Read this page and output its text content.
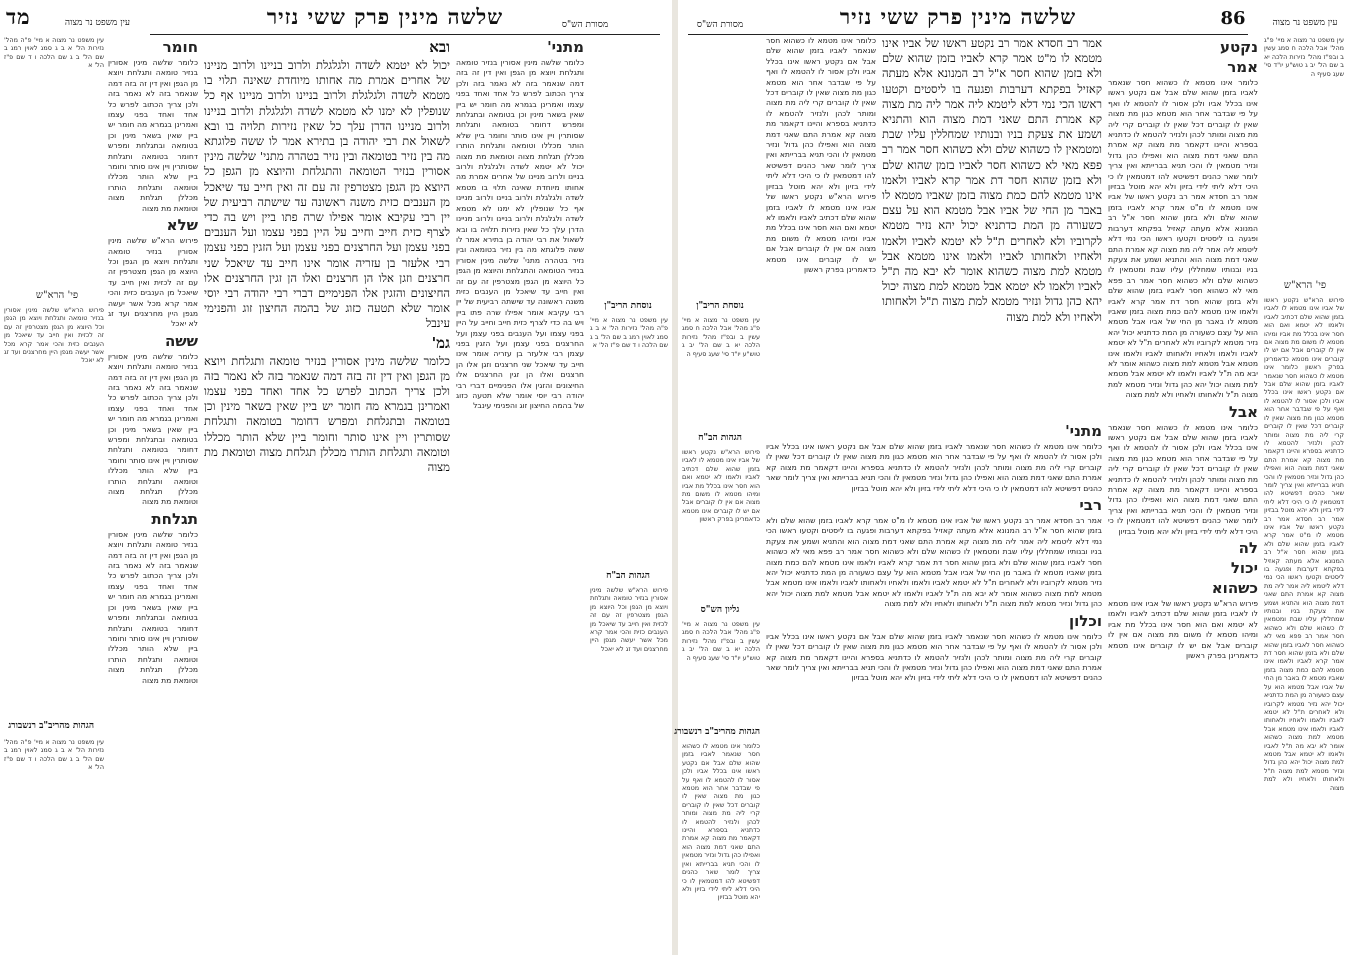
מד	עין משפט נר מצוה	שלשה מינין פרק ששי נזיר	מסורת הש"ס
עין משפט נר מצוה א מיי' פ"ה מהל' נזירות הל' א ב ג סמג לאוין רמג ב שם הל' ב ג שם הלכה ו ד שם פ"ז הל' א
פי' הרא"ש
פירוש הרא"ש שלשה מינין אסורין בנזיר טומאה ותגלחת ויוצא מן הגפן וכל היוצא מן הגפן מצטרפין זה עם זה לכזית ואין חייב עד שיאכל מן הענבים כזית והכי אמר קרא מכל אשר יעשה מגפן היין מחרצנים ועד זג לא יאכל
הגהות מהריב"ב רנשבורג
עין משפט נר מצוה א מיי' פ"ה מהל' נזירות הל' א ב ג סמג לאוין רמג ב שם הל' ב ג שם הלכה ו ד שם פ"ז הל' א
חומר
כלומר שלשה מינין אסורין בנזיר טומאה ותגלחת ויוצא מן הגפן ואין דין זה בזה דמה שנאמר בזה לא נאמר בזה ולכן צריך הכתוב לפרש כל אחד ואחד בפני עצמו ואמרינן בגמרא מה חומר יש ביין שאין בשאר מינין וכן בטומאה ובתגלחת ומפרש דחומר בטומאה ותגלחת שסותרין ויין אינו סותר וחומר ביין שלא הותר מכללו וטומאה ותגלחת הותרו מכללן תגלחת מצוה וטומאת מת מצוה
שלא
פירוש הרא"ש שלשה מינין אסורין בנזיר טומאה ותגלחת ויוצא מן הגפן וכל היוצא מן הגפן מצטרפין זה עם זה לכזית ואין חייב עד שיאכל מן הענבים כזית והכי אמר קרא מכל אשר יעשה מגפן היין מחרצנים ועד זג לא יאכל
ששה
כלומר שלשה מינין אסורין בנזיר טומאה ותגלחת ויוצא מן הגפן ואין דין זה בזה דמה שנאמר בזה לא נאמר בזה ולכן צריך הכתוב לפרש כל אחד ואחד בפני עצמו ואמרינן בגמרא מה חומר יש ביין שאין בשאר מינין וכן בטומאה ובתגלחת ומפרש דחומר בטומאה ותגלחת שסותרין ויין אינו סותר וחומר ביין שלא הותר מכללו וטומאה ותגלחת הותרו מכללן תגלחת מצוה וטומאת מת מצוה
תגלחת
כלומר שלשה מינין אסורין בנזיר טומאה ותגלחת ויוצא מן הגפן ואין דין זה בזה דמה שנאמר בזה לא נאמר בזה ולכן צריך הכתוב לפרש כל אחד ואחד בפני עצמו ואמרינן בגמרא מה חומר יש ביין שאין בשאר מינין וכן בטומאה ובתגלחת ומפרש דחומר בטומאה ותגלחת שסותרין ויין אינו סותר וחומר ביין שלא הותר מכללו וטומאה ותגלחת הותרו מכללן תגלחת מצוה וטומאת מת מצוה
ובא
יכול לא יטמא לשדה ולגלגלת ולרוב בניינו ולרוב מניינו של אחרים אמרת מה אחותו מיוחדת שאינה תלוי בו מטמא לשדה ולגלגלת ולרוב בניינו ולרוב מניינו אף כל שנופלין לא ימנו לא מטמא לשדה ולגלגלת ולרוב בניינו ולרוב מניינו הדרן עלך כל שאין נזירות תלויה בו ובא לשאול את רבי יהודה בן בתירא אמר לו ששה פלוגתא מה בין נזיר בטומאה ובין נזיר בטהרה מתני' שלשה מינין אסורין בנזיר הטומאה והתגלחת והיוצא מן הגפן כל היוצא מן הגפן מצטרפין זה עם זה ואין חייב עד שיאכל מן הענבים כזית משנה ראשונה עד שישתה רביעית של יין רבי עקיבא אומר אפילו שרה פתו ביין ויש בה כדי לצרף כזית חייב וחייב על היין בפני עצמו ועל הענבים בפני עצמן ועל החרצנים בפני עצמן ועל הזגין בפני עצמן רבי אלעזר בן עזריה אומר אינו חייב עד שיאכל שני חרצנים וזגן אלו הן חרצנים ואלו הן זגין החרצנים אלו החיצונים והזגין אלו הפנימיים דברי רבי יהודה רבי יוסי אומר שלא תטעה כזוג של בהמה החיצון זוג והפנימי עינבל
גמ'
כלומר שלשה מינין אסורין בנזיר טומאה ותגלחת ויוצא מן הגפן ואין דין זה בזה דמה שנאמר בזה לא נאמר בזה ולכן צריך הכתוב לפרש כל אחד ואחד בפני עצמו ואמרינן בגמרא מה חומר יש ביין שאין בשאר מינין וכן בטומאה ובתגלחת ומפרש דחומר בטומאה ותגלחת שסותרין ויין אינו סותר וחומר ביין שלא הותר מכללו וטומאה ותגלחת הותרו מכללן תגלחת מצוה וטומאת מת מצוה
מתני'
כלומר שלשה מינין אסורין בנזיר טומאה ותגלחת ויוצא מן הגפן ואין דין זה בזה דמה שנאמר בזה לא נאמר בזה ולכן צריך הכתוב לפרש כל אחד ואחד בפני עצמו ואמרינן בגמרא מה חומר יש ביין שאין בשאר מינין וכן בטומאה ובתגלחת ומפרש דחומר בטומאה ותגלחת שסותרין ויין אינו סותר וחומר ביין שלא הותר מכללו וטומאה ותגלחת הותרו מכללן תגלחת מצוה וטומאת מת מצוה יכול לא יטמא לשדה ולגלגלת ולרוב בניינו ולרוב מניינו של אחרים אמרת מה אחותו מיוחדת שאינה תלוי בו מטמא לשדה ולגלגלת ולרוב בניינו ולרוב מניינו אף כל שנופלין לא ימנו לא מטמא לשדה ולגלגלת ולרוב בניינו ולרוב מניינו הדרן עלך כל שאין נזירות תלויה בו ובא לשאול את רבי יהודה בן בתירא אמר לו ששה פלוגתא מה בין נזיר בטומאה ובין נזיר בטהרה מתני' שלשה מינין אסורין בנזיר הטומאה והתגלחת והיוצא מן הגפן כל היוצא מן הגפן מצטרפין זה עם זה ואין חייב עד שיאכל מן הענבים כזית משנה ראשונה עד שישתה רביעית של יין רבי עקיבא אומר אפילו שרה פתו ביין ויש בה כדי לצרף כזית חייב וחייב על היין בפני עצמו ועל הענבים בפני עצמן ועל החרצנים בפני עצמן ועל הזגין בפני עצמן רבי אלעזר בן עזריה אומר אינו חייב עד שיאכל שני חרצנים וזגן אלו הן חרצנים ואלו הן זגין החרצנים אלו החיצונים והזגין אלו הפנימיים דברי רבי יהודה רבי יוסי אומר שלא תטעה כזוג של בהמה החיצון זוג והפנימי עינבל
נוסחת הריב"ן
עין משפט נר מצוה א מיי' פ"ה מהל' נזירות הל' א ב ג סמג לאוין רמג ב שם הל' ב ג שם הלכה ו ד שם פ"ז הל' א
הגהות הב"ח
פירוש הרא"ש שלשה מינין אסורין בנזיר טומאה ותגלחת ויוצא מן הגפן וכל היוצא מן הגפן מצטרפין זה עם זה לכזית ואין חייב עד שיאכל מן הענבים כזית והכי אמר קרא מכל אשר יעשה מגפן היין מחרצנים ועד זג לא יאכל
מסורת הש"ס	שלשה מינין פרק ששי נזיר	86	עין משפט נר מצוה
נוסחת הריב"ן
עין משפט נר מצוה א מיי' פ"ג מהל' אבל הלכה ח סמג עשין ב ובפ"ז מהל' נזירות הלכה יא ב שם הל' יב ג טוש"ע יו"ד סי' שעג סעיף ה
הגהות הב"ח
פירוש הרא"ש נקטע ראשו של אביו אינו מטמא לו לאביו בזמן שהוא שלם דכתיב לאביו ולאמו לא יטמא ואם הוא חסר אינו בכלל מת אביו ומיהו מטמא לו משום מת מצוה אם אין לו קוברים אבל אם יש לו קוברים אינו מטמא כדאמרינן בפרק ראשון
גליון הש"ס
עין משפט נר מצוה א מיי' פ"ג מהל' אבל הלכה ח סמג עשין ב ובפ"ז מהל' נזירות הלכה יא ב שם הל' יב ג טוש"ע יו"ד סי' שעג סעיף ה
הגהות מהריב"ב רנשבורג
כלומר אינו מטמא לו כשהוא חסר שנאמר לאביו בזמן שהוא שלם אבל אם נקטע ראשו אינו בכלל אביו ולכן אסור לו להטמא לו ואף על פי שבדבר אחר הוא מטמא כגון מת מצוה שאין לו קוברים דכל שאין לו קוברים קרי ליה מת מצוה ומותר לכהן ולנזיר להטמא לו כדתניא בספרא והיינו דקאמר מת מצוה קא אמרת התם שאני דמת מצוה הוא ואפילו כהן גדול ונזיר מטמאין לו והכי תניא בברייתא ואין צריך לומר שאר כהנים דפשיטא להו דמטמאין לו כי היכי דלא ליתי לידי בזיון ולא יהא מוטל בבזיון
כלומר אינו מטמא לו כשהוא חסר שנאמר לאביו בזמן שהוא שלם אבל אם נקטע ראשו אינו בכלל אביו ולכן אסור לו להטמא לו ואף על פי שבדבר אחר הוא מטמא כגון מת מצוה שאין לו קוברים דכל שאין לו קוברים קרי ליה מת מצוה ומותר לכהן ולנזיר להטמא לו כדתניא בספרא והיינו דקאמר מת מצוה קא אמרת התם שאני דמת מצוה הוא ואפילו כהן גדול ונזיר מטמאין לו והכי תניא בברייתא ואין צריך לומר שאר כהנים דפשיטא להו דמטמאין לו כי היכי דלא ליתי לידי בזיון ולא יהא מוטל בבזיון פירוש הרא"ש נקטע ראשו של אביו אינו מטמא לו לאביו בזמן שהוא שלם דכתיב לאביו ולאמו לא יטמא ואם הוא חסר אינו בכלל מת אביו ומיהו מטמא לו משום מת מצוה אם אין לו קוברים אבל אם יש לו קוברים אינו מטמא כדאמרינן בפרק ראשון
אמר רב חסדא אמר רב נקטע ראשו של אביו אינו מטמא לו מ"ט אמר קרא לאביו בזמן שהוא שלם ולא בזמן שהוא חסר א"ל רב המנונא אלא מעתה קאזיל בפקתא דערבות ופגעה בו ליסטים וקטעו ראשו הכי נמי דלא ליטמא ליה אמר ליה מת מצוה קא אמרת התם שאני דמת מצוה הוא והתניא ושמע את צעקת בניו ובנותיו שמחללין עליו שבת ומטמאין לו כשהוא שלם ולא כשהוא חסר אמר רב פפא מאי לא כשהוא חסר לאביו בזמן שהוא שלם ולא בזמן שהוא חסר דת אמר קרא לאביו ולאמו אינו מטמא להם כמת מצוה בזמן שאביו מטמא לו באבר מן החי של אביו אבל מטמא הוא על עצם כשעורה מן המת כדתניא יכול יהא נזיר מטמא לקרוביו ולא לאחרים ת"ל לא יטמא לאביו ולאמו ולאחיו ולאחותו לאביו ולאמו אינו מטמא אבל מטמא למת מצוה כשהוא אומר לא יבא מה ת"ל לאביו ולאמו לא יטמא אבל מטמא למת מצוה יכול יהא כהן גדול ונזיר מטמא למת מצוה ת"ל ולאחותו ולאחיו ולא למת מצוה
מתני'
כלומר אינו מטמא לו כשהוא חסר שנאמר לאביו בזמן שהוא שלם אבל אם נקטע ראשו אינו בכלל אביו ולכן אסור לו להטמא לו ואף על פי שבדבר אחר הוא מטמא כגון מת מצוה שאין לו קוברים דכל שאין לו קוברים קרי ליה מת מצוה ומותר לכהן ולנזיר להטמא לו כדתניא בספרא והיינו דקאמר מת מצוה קא אמרת התם שאני דמת מצוה הוא ואפילו כהן גדול ונזיר מטמאין לו והכי תניא בברייתא ואין צריך לומר שאר כהנים דפשיטא להו דמטמאין לו כי היכי דלא ליתי לידי בזיון ולא יהא מוטל בבזיון
רבי
אמר רב חסדא אמר רב נקטע ראשו של אביו אינו מטמא לו מ"ט אמר קרא לאביו בזמן שהוא שלם ולא בזמן שהוא חסר א"ל רב המנונא אלא מעתה קאזיל בפקתא דערבות ופגעה בו ליסטים וקטעו ראשו הכי נמי דלא ליטמא ליה אמר ליה מת מצוה קא אמרת התם שאני דמת מצוה הוא והתניא ושמע את צעקת בניו ובנותיו שמחללין עליו שבת ומטמאין לו כשהוא שלם ולא כשהוא חסר אמר רב פפא מאי לא כשהוא חסר לאביו בזמן שהוא שלם ולא בזמן שהוא חסר דת אמר קרא לאביו ולאמו אינו מטמא להם כמת מצוה בזמן שאביו מטמא לו באבר מן החי של אביו אבל מטמא הוא על עצם כשעורה מן המת כדתניא יכול יהא נזיר מטמא לקרוביו ולא לאחרים ת"ל לא יטמא לאביו ולאמו ולאחיו ולאחותו לאביו ולאמו אינו מטמא אבל מטמא למת מצוה כשהוא אומר לא יבא מה ת"ל לאביו ולאמו לא יטמא אבל מטמא למת מצוה יכול יהא כהן גדול ונזיר מטמא למת מצוה ת"ל ולאחותו ולאחיו ולא למת מצוה
וכלון
כלומר אינו מטמא לו כשהוא חסר שנאמר לאביו בזמן שהוא שלם אבל אם נקטע ראשו אינו בכלל אביו ולכן אסור לו להטמא לו ואף על פי שבדבר אחר הוא מטמא כגון מת מצוה שאין לו קוברים דכל שאין לו קוברים קרי ליה מת מצוה ומותר לכהן ולנזיר להטמא לו כדתניא בספרא והיינו דקאמר מת מצוה קא אמרת התם שאני דמת מצוה הוא ואפילו כהן גדול ונזיר מטמאין לו והכי תניא בברייתא ואין צריך לומר שאר כהנים דפשיטא להו דמטמאין לו כי היכי דלא ליתי לידי בזיון ולא יהא מוטל בבזיון
נקטע
אמר
כלומר אינו מטמא לו כשהוא חסר שנאמר לאביו בזמן שהוא שלם אבל אם נקטע ראשו אינו בכלל אביו ולכן אסור לו להטמא לו ואף על פי שבדבר אחר הוא מטמא כגון מת מצוה שאין לו קוברים דכל שאין לו קוברים קרי ליה מת מצוה ומותר לכהן ולנזיר להטמא לו כדתניא בספרא והיינו דקאמר מת מצוה קא אמרת התם שאני דמת מצוה הוא ואפילו כהן גדול ונזיר מטמאין לו והכי תניא בברייתא ואין צריך לומר שאר כהנים דפשיטא להו דמטמאין לו כי היכי דלא ליתי לידי בזיון ולא יהא מוטל בבזיון אמר רב חסדא אמר רב נקטע ראשו של אביו אינו מטמא לו מ"ט אמר קרא לאביו בזמן שהוא שלם ולא בזמן שהוא חסר א"ל רב המנונא אלא מעתה קאזיל בפקתא דערבות ופגעה בו ליסטים וקטעו ראשו הכי נמי דלא ליטמא ליה אמר ליה מת מצוה קא אמרת התם שאני דמת מצוה הוא והתניא ושמע את צעקת בניו ובנותיו שמחללין עליו שבת ומטמאין לו כשהוא שלם ולא כשהוא חסר אמר רב פפא מאי לא כשהוא חסר לאביו בזמן שהוא שלם ולא בזמן שהוא חסר דת אמר קרא לאביו ולאמו אינו מטמא להם כמת מצוה בזמן שאביו מטמא לו באבר מן החי של אביו אבל מטמא הוא על עצם כשעורה מן המת כדתניא יכול יהא נזיר מטמא לקרוביו ולא לאחרים ת"ל לא יטמא לאביו ולאמו ולאחיו ולאחותו לאביו ולאמו אינו מטמא אבל מטמא למת מצוה כשהוא אומר לא יבא מה ת"ל לאביו ולאמו לא יטמא אבל מטמא למת מצוה יכול יהא כהן גדול ונזיר מטמא למת מצוה ת"ל ולאחותו ולאחיו ולא למת מצוה
אבל
כלומר אינו מטמא לו כשהוא חסר שנאמר לאביו בזמן שהוא שלם אבל אם נקטע ראשו אינו בכלל אביו ולכן אסור לו להטמא לו ואף על פי שבדבר אחר הוא מטמא כגון מת מצוה שאין לו קוברים דכל שאין לו קוברים קרי ליה מת מצוה ומותר לכהן ולנזיר להטמא לו כדתניא בספרא והיינו דקאמר מת מצוה קא אמרת התם שאני דמת מצוה הוא ואפילו כהן גדול ונזיר מטמאין לו והכי תניא בברייתא ואין צריך לומר שאר כהנים דפשיטא להו דמטמאין לו כי היכי דלא ליתי לידי בזיון ולא יהא מוטל בבזיון
לה
יכול
כשהוא
פירוש הרא"ש נקטע ראשו של אביו אינו מטמא לו לאביו בזמן שהוא שלם דכתיב לאביו ולאמו לא יטמא ואם הוא חסר אינו בכלל מת אביו ומיהו מטמא לו משום מת מצוה אם אין לו קוברים אבל אם יש לו קוברים אינו מטמא כדאמרינן בפרק ראשון
עין משפט נר מצוה א מיי' פ"ג מהל' אבל הלכה ח סמג עשין ב ובפ"ז מהל' נזירות הלכה יא ב שם הל' יב ג טוש"ע יו"ד סי' שעג סעיף ה
פי' הרא"ש
פירוש הרא"ש נקטע ראשו של אביו אינו מטמא לו לאביו בזמן שהוא שלם דכתיב לאביו ולאמו לא יטמא ואם הוא חסר אינו בכלל מת אביו ומיהו מטמא לו משום מת מצוה אם אין לו קוברים אבל אם יש לו קוברים אינו מטמא כדאמרינן בפרק ראשון כלומר אינו מטמא לו כשהוא חסר שנאמר לאביו בזמן שהוא שלם אבל אם נקטע ראשו אינו בכלל אביו ולכן אסור לו להטמא לו ואף על פי שבדבר אחר הוא מטמא כגון מת מצוה שאין לו קוברים דכל שאין לו קוברים קרי ליה מת מצוה ומותר לכהן ולנזיר להטמא לו כדתניא בספרא והיינו דקאמר מת מצוה קא אמרת התם שאני דמת מצוה הוא ואפילו כהן גדול ונזיר מטמאין לו והכי תניא בברייתא ואין צריך לומר שאר כהנים דפשיטא להו דמטמאין לו כי היכי דלא ליתי לידי בזיון ולא יהא מוטל בבזיון אמר רב חסדא אמר רב נקטע ראשו של אביו אינו מטמא לו מ"ט אמר קרא לאביו בזמן שהוא שלם ולא בזמן שהוא חסר א"ל רב המנונא אלא מעתה קאזיל בפקתא דערבות ופגעה בו ליסטים וקטעו ראשו הכי נמי דלא ליטמא ליה אמר ליה מת מצוה קא אמרת התם שאני דמת מצוה הוא והתניא ושמע את צעקת בניו ובנותיו שמחללין עליו שבת ומטמאין לו כשהוא שלם ולא כשהוא חסר אמר רב פפא מאי לא כשהוא חסר לאביו בזמן שהוא שלם ולא בזמן שהוא חסר דת אמר קרא לאביו ולאמו אינו מטמא להם כמת מצוה בזמן שאביו מטמא לו באבר מן החי של אביו אבל מטמא הוא על עצם כשעורה מן המת כדתניא יכול יהא נזיר מטמא לקרוביו ולא לאחרים ת"ל לא יטמא לאביו ולאמו ולאחיו ולאחותו לאביו ולאמו אינו מטמא אבל מטמא למת מצוה כשהוא אומר לא יבא מה ת"ל לאביו ולאמו לא יטמא אבל מטמא למת מצוה יכול יהא כהן גדול ונזיר מטמא למת מצוה ת"ל ולאחותו ולאחיו ולא למת מצוה
